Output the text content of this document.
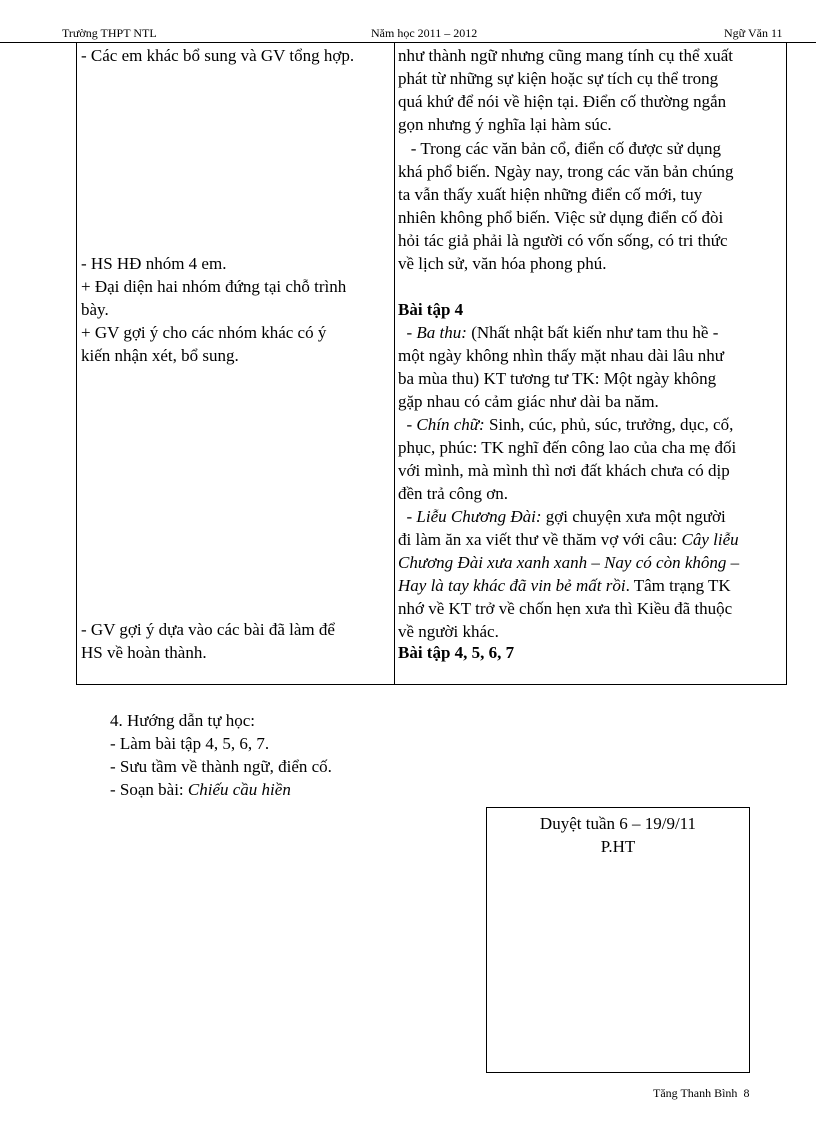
Trường THPT NTL	Năm học 2011 – 2012	Ngữ Văn 11
- Các em khác bổ sung và GV tổng hợp.
- HS HĐ nhóm 4 em.
+ Đại diện hai nhóm đứng tại chỗ trình
bày.
+ GV gợi ý cho các nhóm khác có ý
kiến nhận xét, bổ sung.
- GV gợi ý dựa vào các bài đã làm để
HS về hoàn thành.
như thành ngữ nhưng cũng mang tính cụ thể xuất
phát từ những sự kiện hoặc sự tích cụ thể trong
quá khứ để nói về hiện tại. Điển cố thường ngắn
gọn nhưng ý nghĩa lại hàm súc.
- Trong các văn bản cổ, điển cố được sử dụng
khá phổ biến. Ngày nay, trong các văn bản chúng
ta vẫn thấy xuất hiện những điển cố mới, tuy
nhiên không phổ biến. Việc sử dụng điển cố đòi
hỏi tác giả phải là người có vốn sống, có tri thức
về lịch sử, văn hóa phong phú.
Bài tập 4
- Ba thu: (Nhất nhật bất kiến như tam thu hề -
một ngày không nhìn thấy mặt nhau dài lâu như
ba mùa thu) KT tương tư TK: Một ngày không
gặp nhau có cảm giác như dài ba năm.
- Chín chữ: Sinh, cúc, phủ, súc, trưởng, dục, cố,
phục, phúc: TK nghĩ đến công lao của cha mẹ đối
với mình, mà mình thì nơi đất khách chưa có dịp
đền trả công ơn.
- Liễu Chương Đài: gợi chuyện xưa một người
đi làm ăn xa viết thư về thăm vợ với câu: Cây liễu
Chương Đài xưa xanh xanh – Nay có còn không –
Hay là tay khác đã vin bẻ mất rồi. Tâm trạng TK
nhớ về KT trở về chốn hẹn xưa thì Kiều đã thuộc
về người khác.
Bài tập 4, 5, 6, 7
4. Hướng dẫn tự học:
- Làm bài tập 4, 5, 6, 7.
- Sưu tầm về thành ngữ, điển cố.
- Soạn bài: Chiếu cầu hiền
Duyệt tuần 6 – 19/9/11
P.HT
Tăng Thanh Bình 8
